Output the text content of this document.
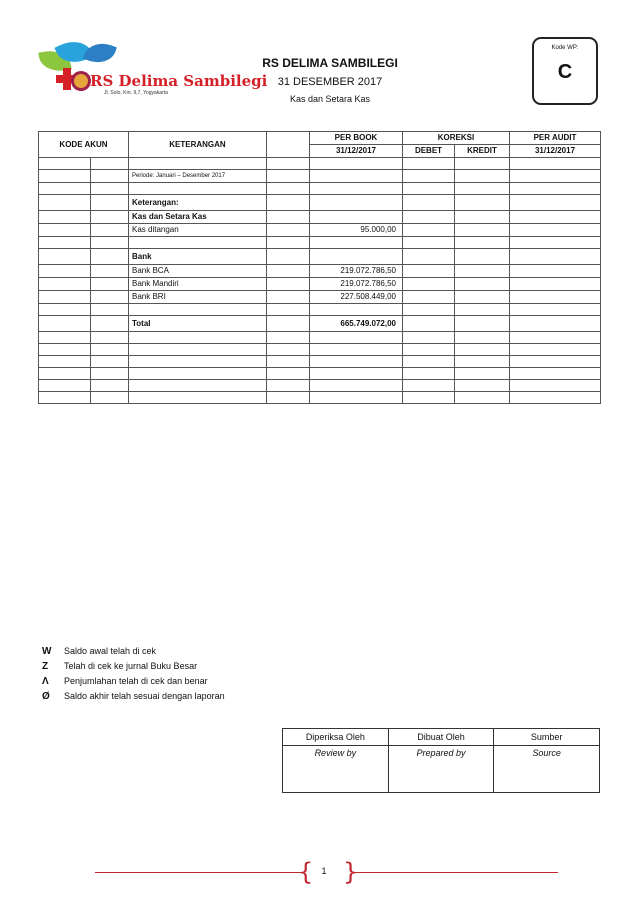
RS Delima Sambilegi
Jl. Solo, Km. 9,7, Yogyakarta
RS DELIMA SAMBILEGI
31 DESEMBER 2017
Kas dan Setara Kas
Kode WP:
C
KODE AKUN		KETERANGAN		PER BOOK	KOREKSI		PER AUDIT
				31/12/2017	DEBET	KREDIT	31/12/2017

		Periode: Januari – Desember 2017					

		Keterangan:					
		Kas dan Setara Kas					
		Kas ditangan		95.000,00			

		Bank					
		Bank BCA		219.072.786,50			
		Bank Mandiri		219.072.786,50			
		Bank BRI		227.508.449,00			

		Total		665.749.072,00			

W Saldo awal telah di cek
Z Telah di cek ke jurnal Buku Besar
Λ Penjumlahan telah di cek dan benar
Ø Saldo akhir telah sesuai dengan laporan
Diperiksa Oleh	Dibuat Oleh	Sumber
Review by	Prepared by	Source
{ }
1
